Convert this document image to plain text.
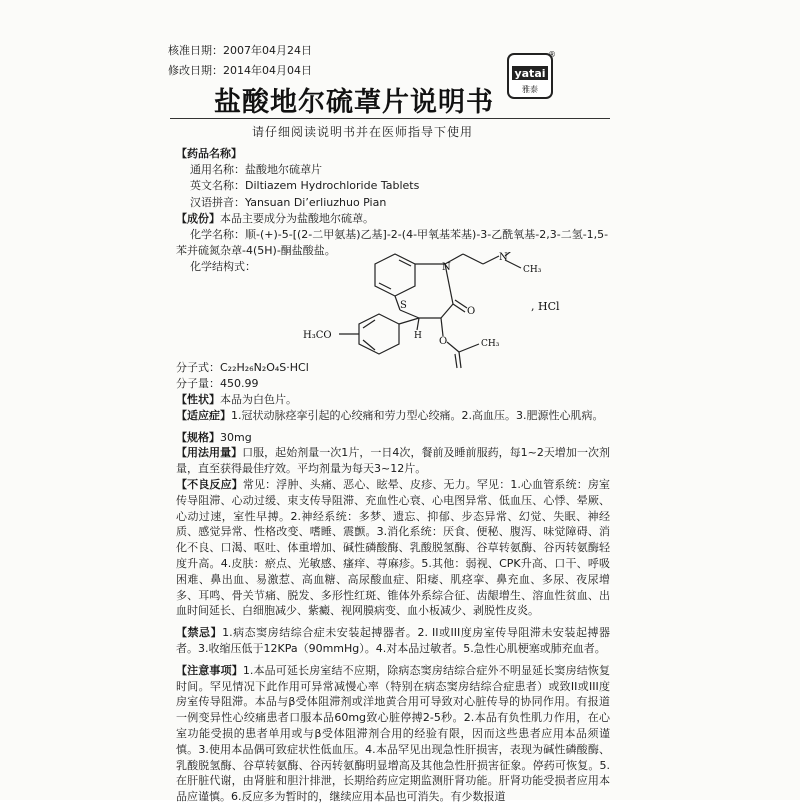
核准日期：2007年04月24日
修改日期：2014年04月04日	yatai
雅泰
®
盐酸地尔硫䓬片说明书
请仔细阅读说明书并在医师指导下使用

【药品名称】

通用名称：盐酸地尔硫䓬片

英文名称：Diltiazem Hydrochloride Tablets

汉语拼音：Yansuan Di’erliuzhuo Pian

【成份】本品主要成分为盐酸地尔硫䓬。

化学名称：顺-(+)-5-[(2-二甲氨基)乙基]-2-(4-甲氧基苯基)-3-乙酰氧基-2,3-二氢-1,5-

苯并硫氮杂䓬-4(5H)-酮盐酸盐。

化学结构式：

S
N
N
CH₃
O
O	CH₃
H
H₃CO
, HCl
分子式：C₂₂H₂₆N₂O₄S·HCl
分子量：450.99

【性状】本品为白色片。

【适应症】1.冠状动脉痉挛引起的心绞痛和劳力型心绞痛。2.高血压。3.肥源性心肌病。

【规格】30mg

【用法用量】口服，起始剂量一次1片，一日4次，餐前及睡前服药，每1~2天增加一次剂量，直至获得最佳疗效。平均剂量为每天3~12片。

【不良反应】常见：浮肿、头痛、恶心、眩晕、皮疹、无力。罕见：1.心血管系统：房室传导阻滞、心动过缓、束支传导阻滞、充血性心衰、心电图异常、低血压、心悸、晕厥、心动过速，室性早搏。2.神经系统：多梦、遗忘、抑郁、步态异常、幻觉、失眠、神经质、感觉异常、性格改变、嗜睡、震颤。3.消化系统：厌食、便秘、腹泻、味觉障碍、消化不良、口渴、呕吐、体重增加、碱性磷酸酶、乳酸脱氢酶、谷草转氨酶、谷丙转氨酶轻度升高。4.皮肤：瘀点、光敏感、瘙痒、荨麻疹。5.其他：弱视、CPK升高、口干、呼吸困难、鼻出血、易激惹、高血糖、高尿酸血症、阳痿、肌痉挛、鼻充血、多尿、夜尿增多、耳鸣、骨关节痛、脱发、多形性红斑、锥体外系综合征、齿龈增生、溶血性贫血、出血时间延长、白细胞减少、紫癜、视网膜病变、血小板减少、剥脱性皮炎。

【禁忌】1.病态窦房结综合症未安装起搏器者。2. II或III度房室传导阻滞未安装起搏器者。3.收缩压低于12KPa（90mmHg）。4.对本品过敏者。5.急性心肌梗塞或肺充血者。

【注意事项】1.本品可延长房室结不应期，除病态窦房结综合症外不明显延长窦房结恢复时间。罕见情况下此作用可异常减慢心率（特别在病态窦房结综合症患者）或致II或III度房室传导阻滞。本品与β受体阻滞剂或洋地黄合用可导致对心脏传导的协同作用。有报道一例变异性心绞痛患者口服本品60mg致心脏停搏2-5秒。2.本品有负性肌力作用，在心室功能受损的患者单用或与β受体阻滞剂合用的经验有限，因而这些患者应用本品须谨慎。3.使用本品偶可致症状性低血压。4.本品罕见出现急性肝损害，表现为碱性磷酸酶、乳酸脱氢酶、谷草转氨酶、谷丙转氨酶明显增高及其他急性肝损害征象。停药可恢复。5.在肝脏代谢，由肾脏和胆汁排泄，长期给药应定期监测肝肾功能。肝肾功能受损者应用本品应谨慎。6.反应多为暂时的，继续应用本品也可消失。有少数报道
